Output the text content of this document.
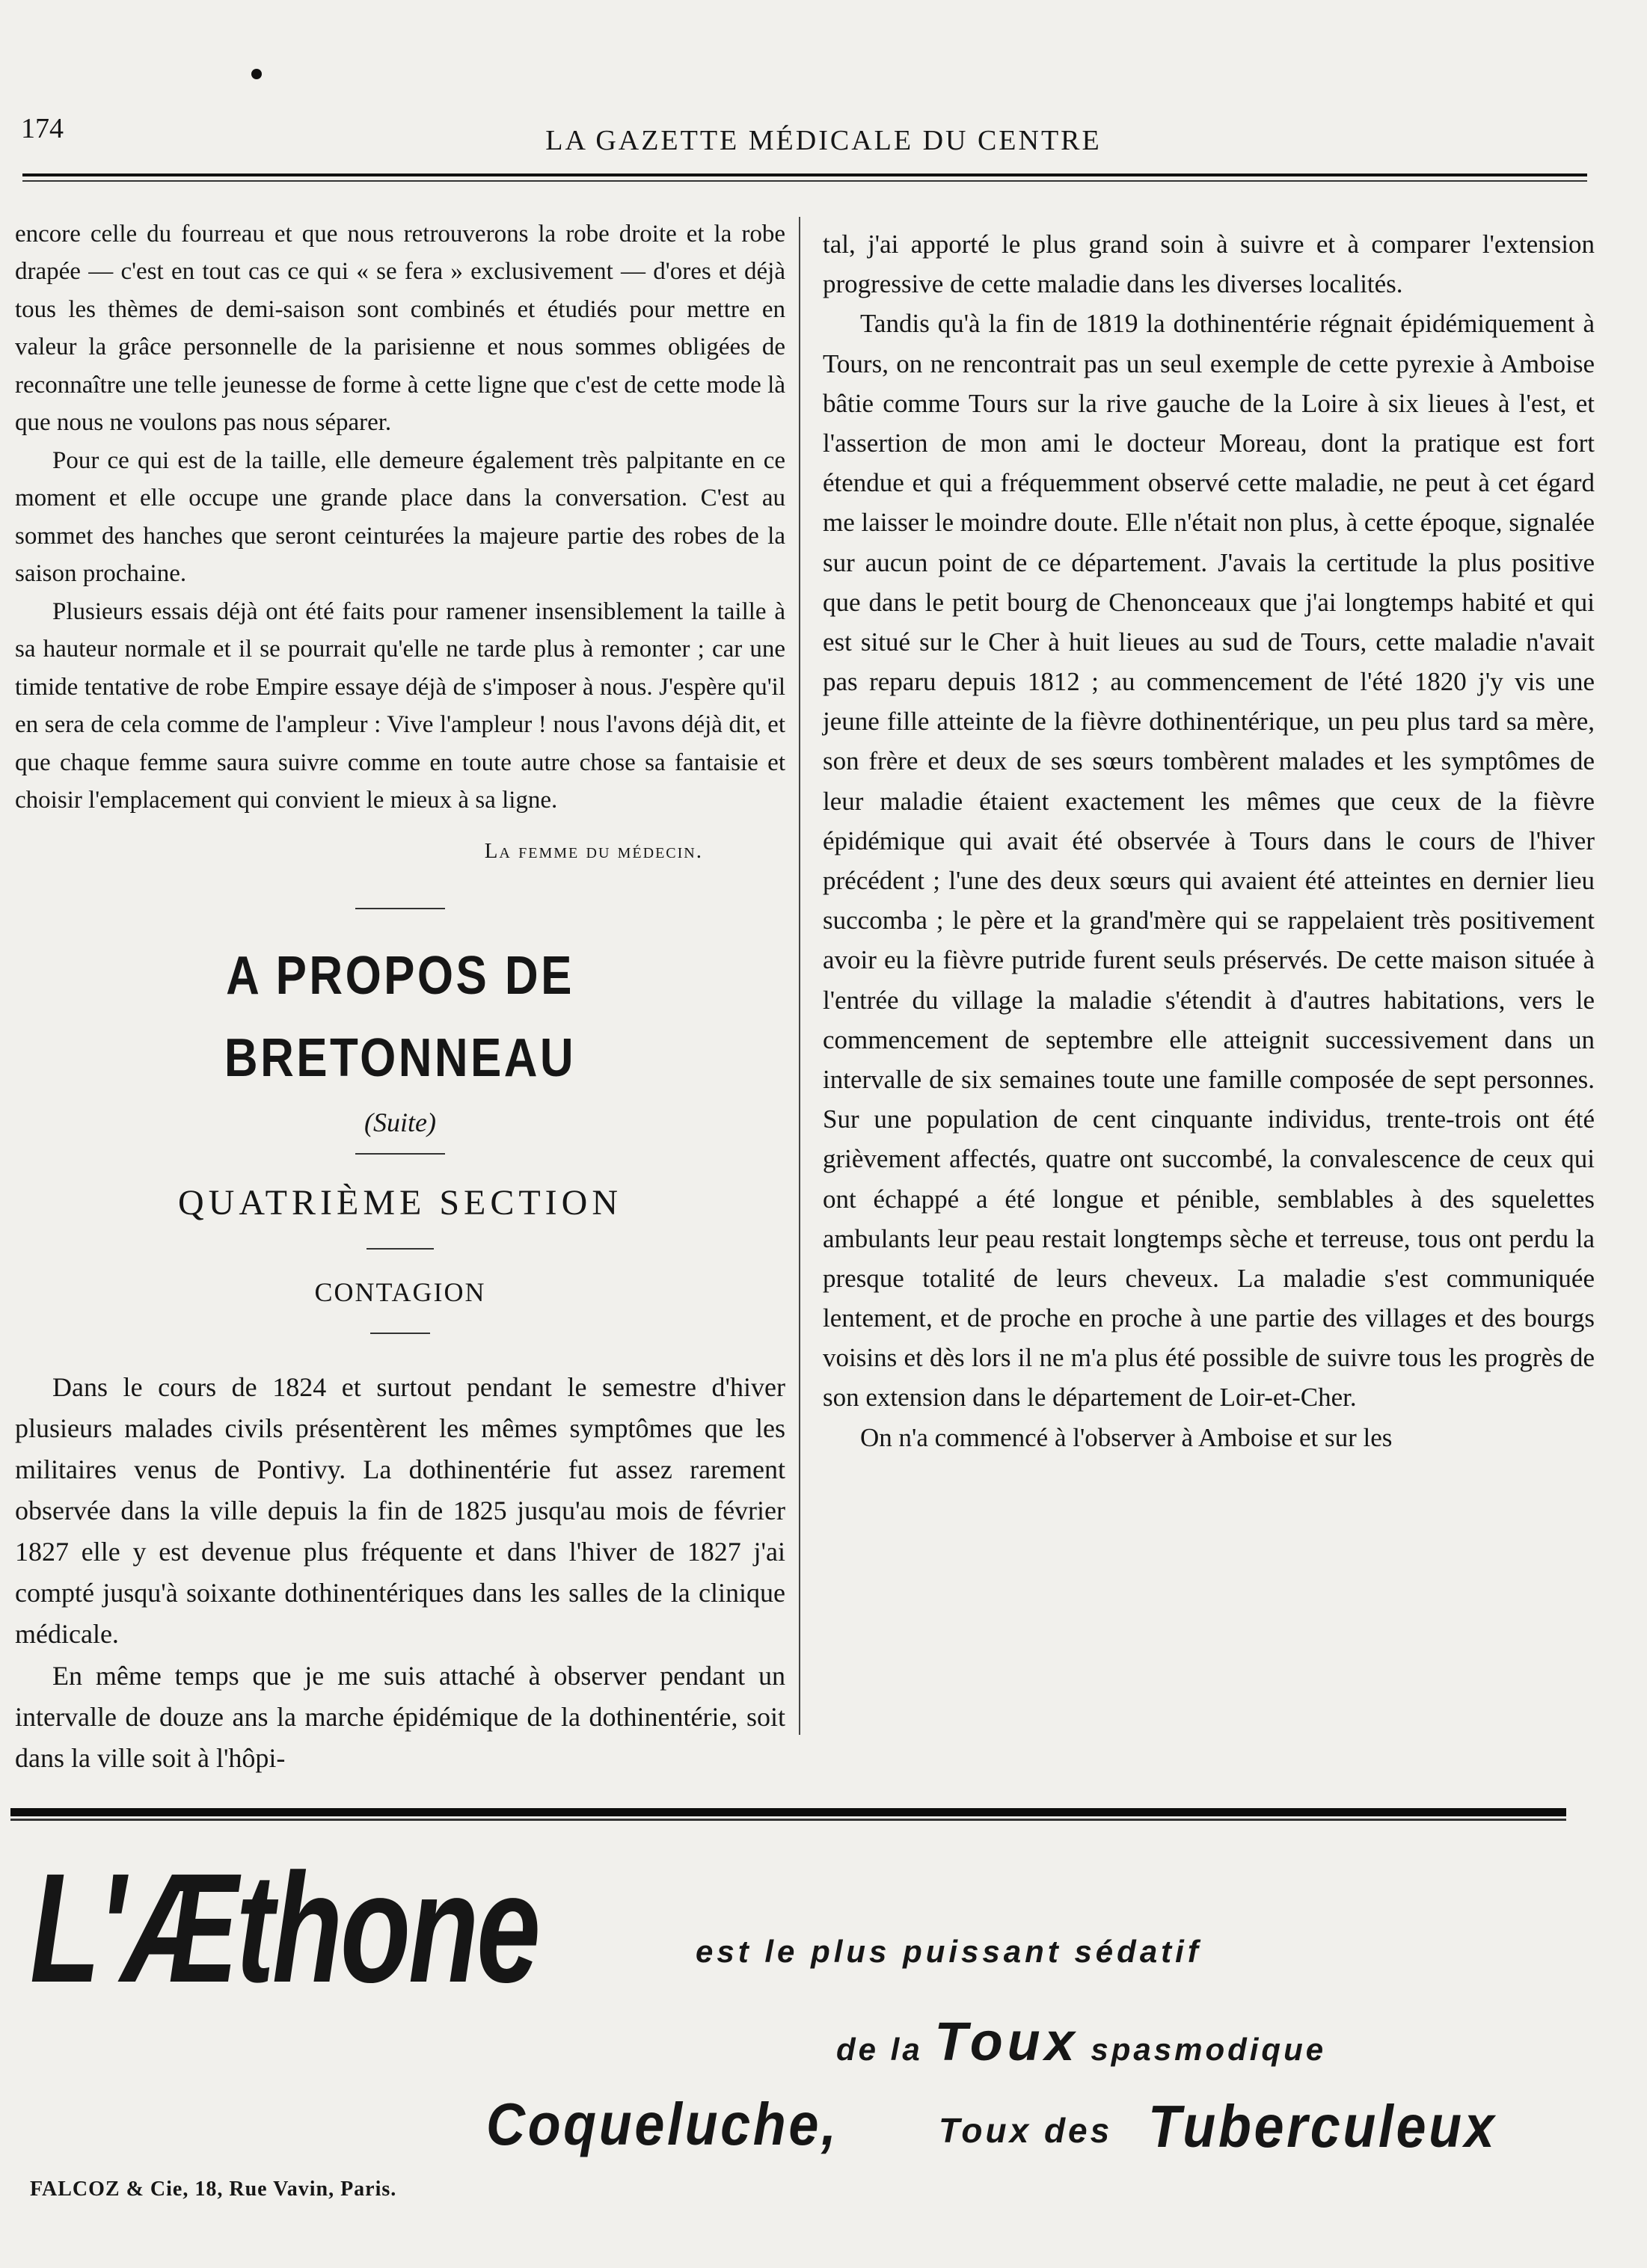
174	LA GAZETTE MÉDICALE DU CENTRE

encore celle du fourreau et que nous retrouverons la robe droite et la robe drapée — c'est en tout cas ce qui « se fera » exclusivement — d'ores et déjà tous les thèmes de demi-saison sont combinés et étudiés pour mettre en valeur la grâce personnelle de la parisienne et nous sommes obligées de reconnaître une telle jeunesse de forme à cette ligne que c'est de cette mode là que nous ne voulons pas nous séparer.

Pour ce qui est de la taille, elle demeure également très palpitante en ce moment et elle occupe une grande place dans la conversation. C'est au sommet des hanches que seront ceinturées la majeure partie des robes de la saison prochaine.

Plusieurs essais déjà ont été faits pour ramener insensiblement la taille à sa hauteur normale et il se pourrait qu'elle ne tarde plus à remonter ; car une timide tentative de robe Empire essaye déjà de s'imposer à nous. J'espère qu'il en sera de cela comme de l'ampleur : Vive l'ampleur ! nous l'avons déjà dit, et que chaque femme saura suivre comme en toute autre chose sa fantaisie et choisir l'emplacement qui convient le mieux à sa ligne.

La femme du médecin.
A PROPOS DE BRETONNEAU
(Suite)
QUATRIÈME SECTION
CONTAGION

Dans le cours de 1824 et surtout pendant le semestre d'hiver plusieurs malades civils présentèrent les mêmes symptômes que les militaires venus de Pontivy. La dothinentérie fut assez rarement observée dans la ville depuis la fin de 1825 jusqu'au mois de février 1827 elle y est devenue plus fréquente et dans l'hiver de 1827 j'ai compté jusqu'à soixante dothinentériques dans les salles de la clinique médicale.

En même temps que je me suis attaché à observer pendant un intervalle de douze ans la marche épidémique de la dothinentérie, soit dans la ville soit à l'hôpi-

tal, j'ai apporté le plus grand soin à suivre et à comparer l'extension progressive de cette maladie dans les diverses localités.

Tandis qu'à la fin de 1819 la dothinentérie régnait épidémiquement à Tours, on ne rencontrait pas un seul exemple de cette pyrexie à Amboise bâtie comme Tours sur la rive gauche de la Loire à six lieues à l'est, et l'assertion de mon ami le docteur Moreau, dont la pratique est fort étendue et qui a fréquemment observé cette maladie, ne peut à cet égard me laisser le moindre doute. Elle n'était non plus, à cette époque, signalée sur aucun point de ce département. J'avais la certitude la plus positive que dans le petit bourg de Chenonceaux que j'ai longtemps habité et qui est situé sur le Cher à huit lieues au sud de Tours, cette maladie n'avait pas reparu depuis 1812 ; au commencement de l'été 1820 j'y vis une jeune fille atteinte de la fièvre dothinentérique, un peu plus tard sa mère, son frère et deux de ses sœurs tombèrent malades et les symptômes de leur maladie étaient exactement les mêmes que ceux de la fièvre épidémique qui avait été observée à Tours dans le cours de l'hiver précédent ; l'une des deux sœurs qui avaient été atteintes en dernier lieu succomba ; le père et la grand'mère qui se rappelaient très positivement avoir eu la fièvre putride furent seuls préservés. De cette maison située à l'entrée du village la maladie s'étendit à d'autres habitations, vers le commencement de septembre elle atteignit successivement dans un intervalle de six semaines toute une famille composée de sept personnes. Sur une population de cent cinquante individus, trente-trois ont été grièvement affectés, quatre ont succombé, la convalescence de ceux qui ont échappé a été longue et pénible, semblables à des squelettes ambulants leur peau restait longtemps sèche et terreuse, tous ont perdu la presque totalité de leurs cheveux. La maladie s'est communiquée lentement, et de proche en proche à une partie des villages et des bourgs voisins et dès lors il ne m'a plus été possible de suivre tous les progrès de son extension dans le département de Loir-et-Cher.

On n'a commencé à l'observer à Amboise et sur les

L'Æthone	est le plus puissant sédatif
de la Toux spasmodique
Coqueluche,	Toux des Tuberculeux
FALCOZ & Cie, 18, Rue Vavin, Paris.
